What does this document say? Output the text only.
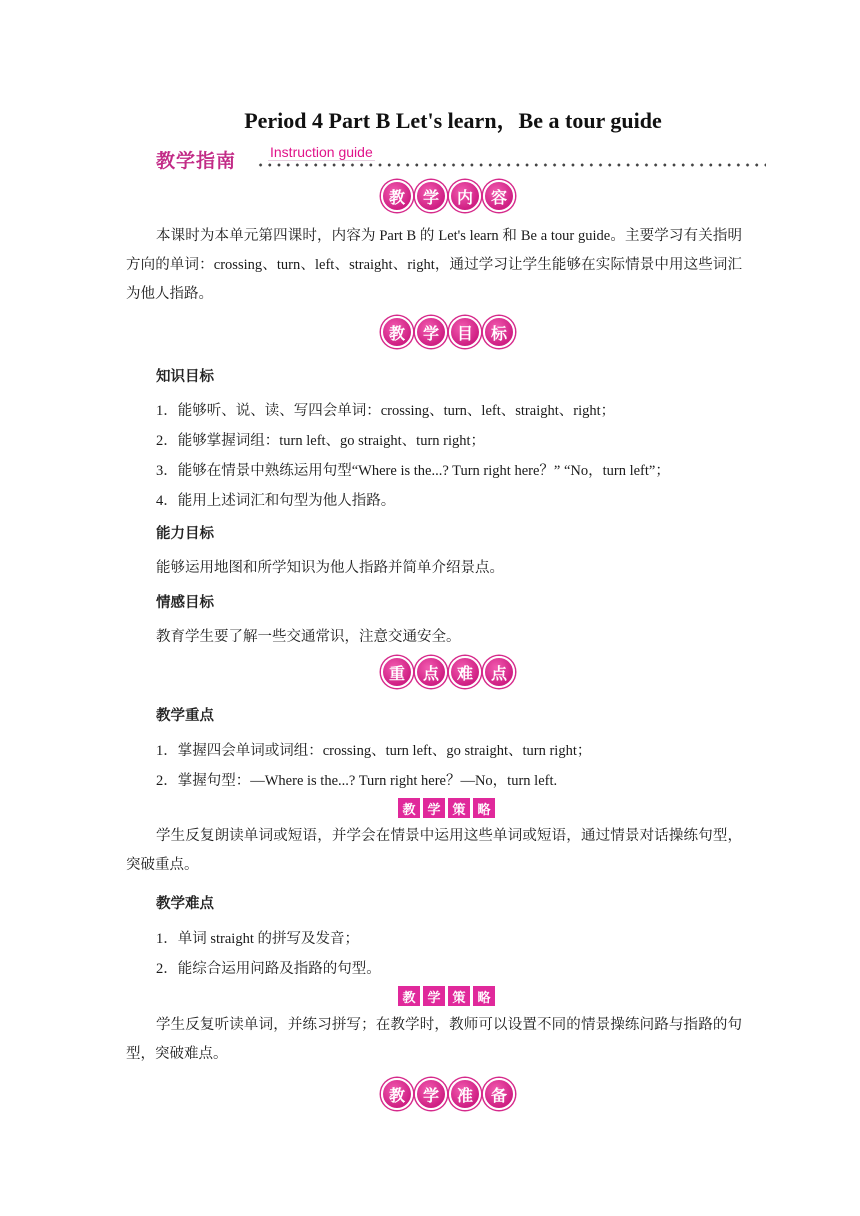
Period 4 Part B Let's learn，Be a tour guide
教学指南 Instruction guide
教	学	内	容

本课时为本单元第四课时，内容为 Part B 的 Let's learn 和 Be a tour guide。主要学习有关指明方向的单词：crossing、turn、left、straight、right，通过学习让学生能够在实际情景中用这些词汇为他人指路。

教	学	目	标
知识目标
1．能够听、说、读、写四会单词：crossing、turn、left、straight、right；
2．能够掌握词组：turn left、go straight、turn right；
3．能够在情景中熟练运用句型“Where is the...? Turn right here？” “No，turn left”；
4．能用上述词汇和句型为他人指路。
能力目标
能够运用地图和所学知识为他人指路并简单介绍景点。
情感目标
教育学生要了解一些交通常识，注意交通安全。
重	点	难	点
教学重点
1．掌握四会单词或词组：crossing、turn left、go straight、turn right；
2．掌握句型：—Where is the...? Turn right here？—No，turn left.
教 学 策 略

学生反复朗读单词或短语，并学会在情景中运用这些单词或短语，通过情景对话操练句型，突破重点。

教学难点
1．单词 straight 的拼写及发音；
2．能综合运用问路及指路的句型。
教 学 策 略

学生反复听读单词，并练习拼写；在教学时，教师可以设置不同的情景操练问路与指路的句型，突破难点。

教	学	准	备
